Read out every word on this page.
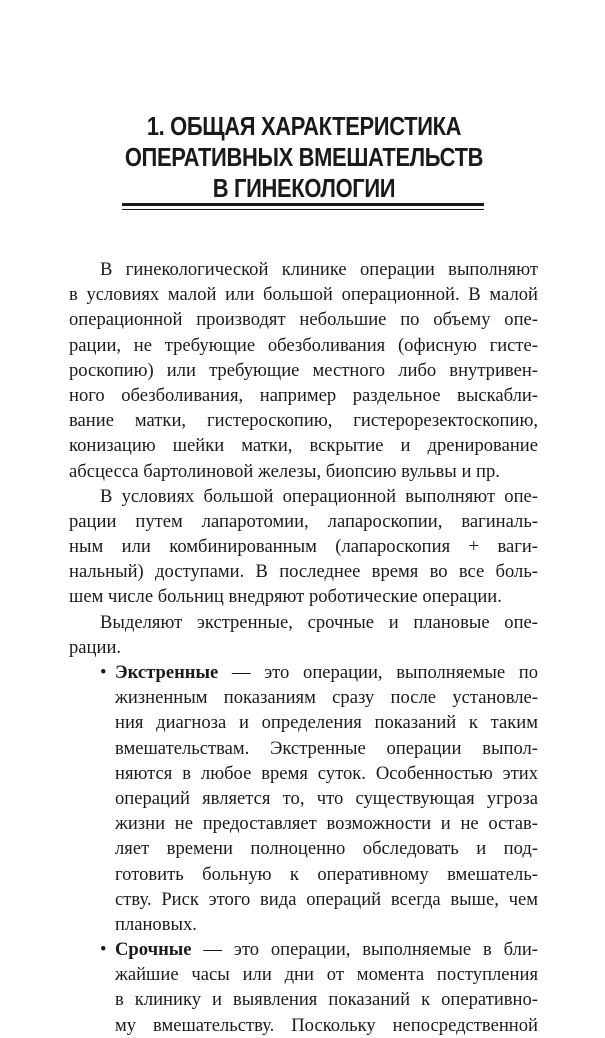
1. ОБЩАЯ ХАРАКТЕРИСТИКА
ОПЕРАТИВНЫХ ВМЕШАТЕЛЬСТВ
В ГИНЕКОЛОГИИ
В гинекологической клинике операции выполняют
в условиях малой или большой операционной. В малой
операционной производят небольшие по объему опе-
рации, не требующие обезболивания (офисную гисте-
роскопию) или требующие местного либо внутривен-
ного обезболивания, например раздельное выскабли-
вание матки, гистероскопию, гистерорезектоскопию,
конизацию шейки матки, вскрытие и дренирование
абсцесса бартолиновой железы, биопсию вульвы и пр.
В условиях большой операционной выполняют опе-
рации путем лапаротомии, лапароскопии, вагиналь-
ным или комбинированным (лапароскопия + ваги-
нальный) доступами. В последнее время во все боль-
шем числе больниц внедряют роботические операции.
Выделяют экстренные, срочные и плановые опе-
рации.
• Экстренные — это операции, выполняемые по
жизненным показаниям сразу после установле-
ния диагноза и определения показаний к таким
вмешательствам. Экстренные операции выпол-
няются в любое время суток. Особенностью этих
операций является то, что существующая угроза
жизни не предоставляет возможности и не остав-
ляет времени полноценно обследовать и под-
готовить больную к оперативному вмешатель-
ству. Риск этого вида операций всегда выше, чем
плановых.
• Срочные — это операции, выполняемые в бли-
жайшие часы или дни от момента поступления
в клинику и выявления показаний к оперативно-
му вмешательству. Поскольку непосредственной
